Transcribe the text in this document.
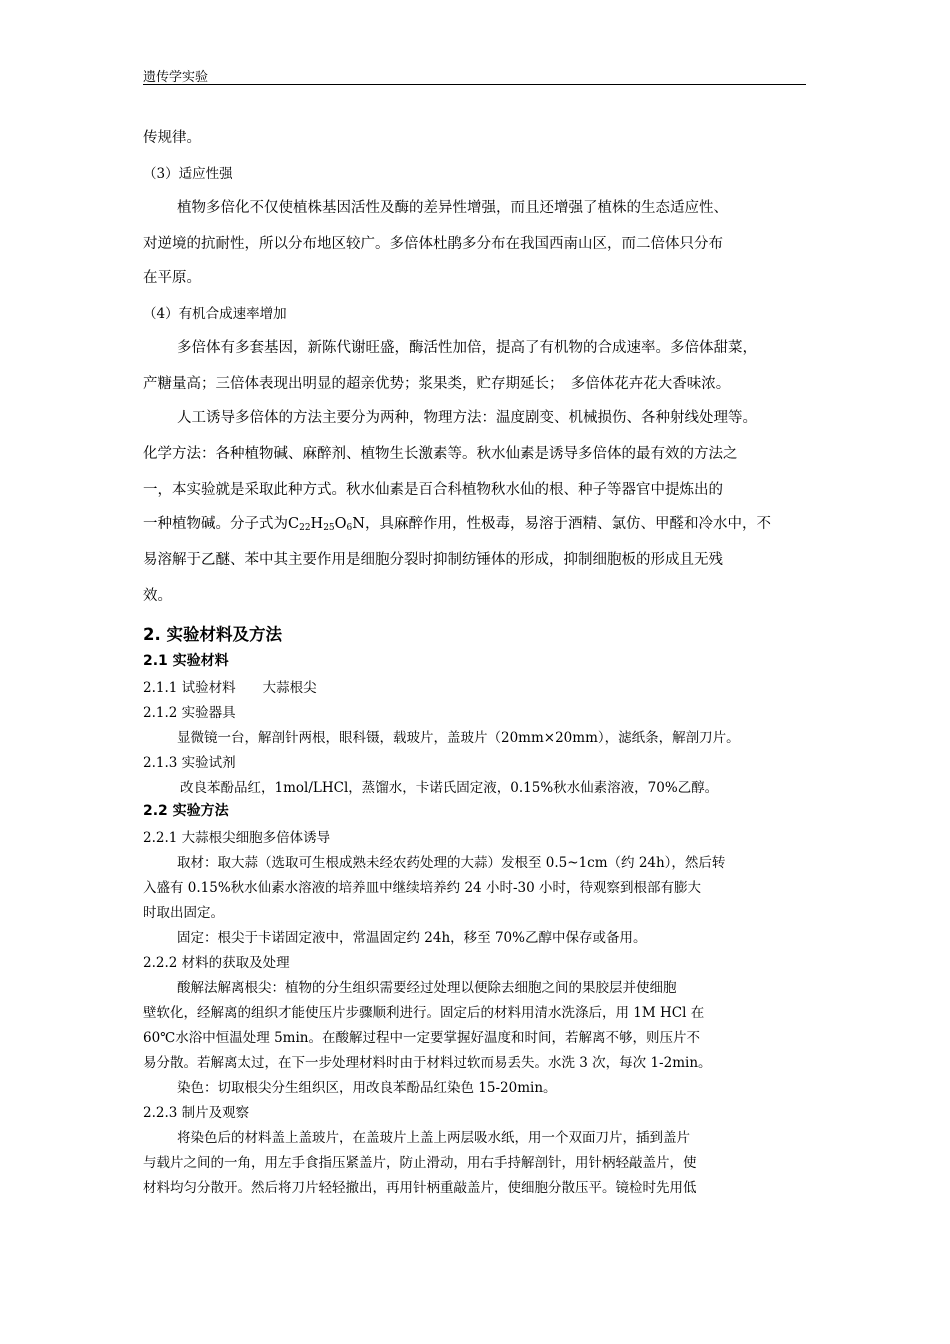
遗传学实验
传规律。
（3）适应性强
植物多倍化不仅使植株基因活性及酶的差异性增强，而且还增强了植株的生态适应性、
对逆境的抗耐性，所以分布地区较广。多倍体杜鹃多分布在我国西南山区，而二倍体只分布
在平原。
（4）有机合成速率增加
多倍体有多套基因，新陈代谢旺盛，酶活性加倍，提高了有机物的合成速率。多倍体甜菜，
产糖量高；三倍体表现出明显的超亲优势；浆果类，贮存期延长；　多倍体花卉花大香味浓。
人工诱导多倍体的方法主要分为两种，物理方法：温度剧变、机械损伤、各种射线处理等。
化学方法：各种植物碱、麻醉剂、植物生长激素等。秋水仙素是诱导多倍体的最有效的方法之
一，本实验就是采取此种方式。秋水仙素是百合科植物秋水仙的根、种子等器官中提炼出的
一种植物碱。分子式为$C_{22}H_{25}O_6N$，具麻醉作用，性极毒，易溶于酒精、氯仿、甲醛和冷水中，不
易溶解于乙醚、苯中其主要作用是细胞分裂时抑制纺锤体的形成，抑制细胞板的形成且无残
效。
2. 实验材料及方法
2.1 实验材料
2.1.1 试验材料　　大蒜根尖
2.1.2 实验器具
显微镜一台，解剖针两根，眼科镊，载玻片，盖玻片（20mm×20mm），滤纸条，解剖刀片。
2.1.3 实验试剂
改良苯酚品红，1mol/LHCl，蒸馏水，卡诺氏固定液，0.15%秋水仙素溶液，70%乙醇。
2.2 实验方法
2.2.1 大蒜根尖细胞多倍体诱导
取材：取大蒜（选取可生根成熟未经农药处理的大蒜）发根至 0.5~1cm（约 24h），然后转
入盛有 0.15%秋水仙素水溶液的培养皿中继续培养约 24 小时-30 小时，待观察到根部有膨大
时取出固定。
固定：根尖于卡诺固定液中，常温固定约 24h，移至 70%乙醇中保存或备用。
2.2.2 材料的获取及处理
酸解法解离根尖：植物的分生组织需要经过处理以便除去细胞之间的果胶层并使细胞
壁软化，经解离的组织才能使压片步骤顺利进行。固定后的材料用清水洗涤后，用 1M HCl 在
60℃水浴中恒温处理 5min。在酸解过程中一定要掌握好温度和时间，若解离不够，则压片不
易分散。若解离太过，在下一步处理材料时由于材料过软而易丢失。水洗 3 次，每次 1-2min。
染色：切取根尖分生组织区，用改良苯酚品红染色 15-20min。
2.2.3 制片及观察
将染色后的材料盖上盖玻片，在盖玻片上盖上两层吸水纸，用一个双面刀片，插到盖片
与载片之间的一角，用左手食指压紧盖片，防止滑动，用右手持解剖针，用针柄轻敲盖片，使
材料均匀分散开。然后将刀片轻轻撤出，再用针柄重敲盖片，使细胞分散压平。镜检时先用低
